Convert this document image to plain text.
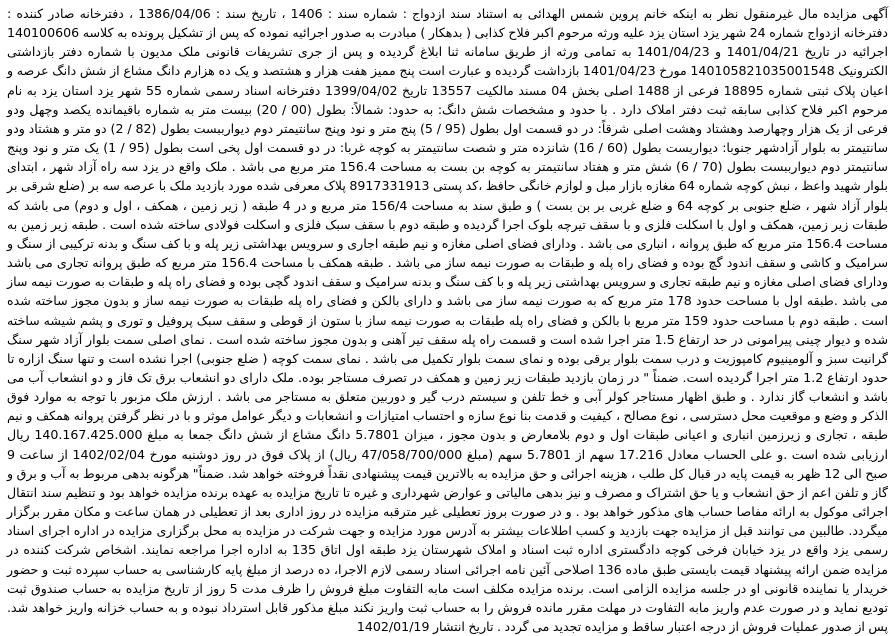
آگهی مزایده مال غیرمنقول نظر به اینکه خانم پروین شمس الهدائی به استناد سند ازدواج : شماره سند : 1406 ، تاریخ سند : 1386/04/06 ، دفترخانه صادر کننده : دفترخانه ازدواج شماره 24 شهر یزد استان یزد علیه ورثه مرحوم اکبر فلاح کذابی ( بدهکار ) مبادرت به صدور اجرائیه نموده که پس از تشکیل پرونده به کلاسه 140100606 اجرائیه در تاریخ 1401/04/21 و 1401/04/23 به تمامی ورثه از طریق سامانه ثنا ابلاغ گردیده و پس از جری تشریفات قانونی ملک مدیون با شماره دفتر بازداشتی الکترونیک 140105821035001548 مورخ 1401/04/23 بازداشت گردیده و عبارت است پنج ممیز هفت هزار و هشتصد و یک ده هزارم دانگ مشاع از شش دانگ عرصه و اعیان پلاک ثبتی شماره 18895 فرعی از 1488 اصلی بخش 04 مسند مالکیت 13557 تاریخ 1399/04/02 دفترخانه اسناد رسمی شماره 55 شهر یزد استان یزد به نام مرحوم اکبر فلاح کذابی سابقه ثبت دفتر املاک دارد . با حدود و مشخصات شش دانگ: به حدود: شمالاً: بطول (00 / 20) بیست متر به شماره باقیمانده یکصد وچهل ودو فرعی از یک هزار وچهارصد وهشتاد وهشت اصلی شرقاً: در دو قسمت اول بطول (95 / 5) پنج متر و نود وپنج سانتیمتر دوم دیوارببست بطول (82 / 2) دو متر و هشتاد ودو سانتیمتر به بلوار آزادشهر جنوبا: دیواربست بطول (60 / 16) شانزده متر و شصت سانتیمتر به کوچه غربا: در دو قسمت اول پخی است بطول (95 / 1) یک متر و نود وپنج سانتیمتر دوم دیوارببست بطول (70 / 6) شش متر و هفتاد سانتیمتر به کوچه بن بست به مساحت 156.4 متر مربع می باشد . ملک واقع در یزد سه راه آزاد شهر ، ابتدای بلوار شهید واعظ ، نبش کوچه شماره 64 مغازه بازار مبل و لوازم خانگی حافظ ،کد پستی 8917331913 پلاک معرفی شده مورد بازدید ملک با عرصه سه بر (ضلع شرقی بر بلوار آزاد شهر ، ضلع جنوبی بر کوچه 64 و ضلع غربی بر بن بست ) و طبق سند به مساحت 156/4 متر مربع و در 4 طبقه ( زیر زمین ، همکف ، اول و دوم) می باشد که طبقات زیر زمین، همکف و اول با اسکلت فلزی و با سقف تیرچه بلوک اجرا گردیده و طبقه دوم با سقف سبک فلزی و اسکلت فولادی ساخته شده است . طبقه زیر زمین به مساحت 156.4 متر مربع که طبق پروانه ، انباری می باشد . ودارای فضای اصلی مغازه و نیم طبقه اجاری و سرویس بهداشتی زیر پله و با کف سنگ و بدنه ترکیبی از سنگ و سرامیک و کاشی و سقف اندود گچ بوده و فضای راه پله و طبقات به صورت نیمه ساز می باشد . طبقه همکف با مساحت 156.4 متر مربع که طبق پروانه تجاری می باشد ودارای فضای اصلی مغازه و نیم طبقه تجاری و سرویس بهداشتی زیر پله و با کف سنگ و بدنه سرامیک و سقف اندود گچی بوده و فضای راه پله و طبقات به صورت نیمه ساز می باشد .طبقه اول با مساحت حدود 178 متر مربع که به صورت نیمه ساز می باشد و دارای بالکن و فضای راه پله طبقات به صورت نیمه ساز و بدون مجوز ساخته شده است . طبقه دوم با مساحت حدود 159 متر مربع با بالکن و فضای راه پله طبقات به صورت نیمه ساز با ستون از قوطی و سقف سبک پروفیل و توری و پشم شیشه ساخته شده و دیوار چینی پیرامونی در حد ارتفاع 1.5 متر اجرا شده است و قسمت راه پله سقف تیر آهنی و بدون مجوز ساخته شده است . نمای اصلی سمت بلوار آزاد شهر سنگ گرانیت سبز و آلومینیوم کامپوزیت و درب سمت بلوار برقی بوده و نمای سمت بلوار تکمیل می باشد . نمای سمت کوچه ( ضلع جنوبی) اجرا نشده است و تنها سنگ ازاره تا حدود ارتفاع 1.2 متر اجرا گردیده است. ضمناً " در زمان بازدید طبقات زیر زمین و همکف در تصرف مستاجر بوده. ملک دارای دو انشعاب برق تک فاز و دو انشعاب آب می باشد و انشعاب گاز ندارد . و طبق اظهار مستاجر کولر آبی و خط تلفن و سیستم درب گیر و دوربین متعلق به مستاجر می باشد . ارزش ملک مزبور با توجه به موارد فوق الذکر و وضع و موقعیت محل دسترسی ، نوع مصالح ، کیفیت و قدمت بنا نوع سازه و احتساب امتیازات و انشعابات و دیگر عوامل موثر و با در نظر گرفتن پروانه همکف و نیم طبقه ، تجاری و زیرزمین انباری و اعیانی طبقات اول و دوم بلامعارض و بدون مجوز ، میزان 5.7801 دانگ مشاع از شش دانگ جمعا به مبلغ 140.167.425.000 ریال ارزیابی شده است .و علی الحساب معادل 17.216 سهم از 5.7801 سهم (مبلغ 47/058/700/000 ریال) از پلاک فوق در روز دوشنبه مورخ 1402/02/04 از ساعت 9 صبح الی 12 ظهر به قیمت پایه در قبال کل طلب ، هزینه اجرائی و حق مزایده به بالاترین قیمت پیشنهادی نقداً فروخته خواهد شد. ضمناً" هرگونه بدهی مربوط به آب و برق و گاز و تلفن اعم از حق انشعاب و یا حق اشتراک و مصرف و نیز بدهی مالیاتی و عوارض شهرداری و غیره تا تاریخ مزایده به عهده برنده مزایده خواهد بود و تنظیم سند انتقال اجرائی موکول به ارائه مفاصا حساب های مذکور خواهد بود . و در صورت بروز تعطیلی غیر مترقبه مزایده در روز اداری بعد از تعطیلی در همان ساعت و مکان مقرر برگزار میگردد. طالبین می توانند قبل از مزایده جهت بازدید و کسب اطلاعات بیشتر به آدرس مورد مزایده و جهت شرکت در مزایده به محل برگزاری مزایده در اداره اجرای اسناد رسمی یزد واقع در یزد خیابان فرخی کوچه دادگستری اداره ثبت اسناد و املاک شهرستان یزد طبقه اول اتاق 135 به اداره اجرا مراجعه نمایند. اشخاص شرکت کننده در مزایده ضمن ارائه پیشنهاد قیمت بایستی طبق ماده 136 اصلاحی آئین نامه اجرائی اسناد رسمی لازم الاجرا، ده درصد از مبلغ پایه کارشناسی به حساب سپرده ثبت و حضور خریدار یا نماینده قانونی او در جلسه مزایده الزامی است. برنده مزایده مکلف است مابه التفاوت مبلغ فروش را ظرف مدت 5 روز از تاریخ مزایده به حساب صندوق ثبت تودیع نماید و در صورت عدم واریز مابه التفاوت در مهلت مقرر مانده فروش را به حساب ثبت واریز نکند مبلغ مذکور قابل استرداد نبوده و به حساب خزانه واریز خواهد شد. پس از صدور عملیات فروش از درجه اعتبار ساقط و مزایده تجدید می گردد . تاریخ انتشار 1402/01/19
